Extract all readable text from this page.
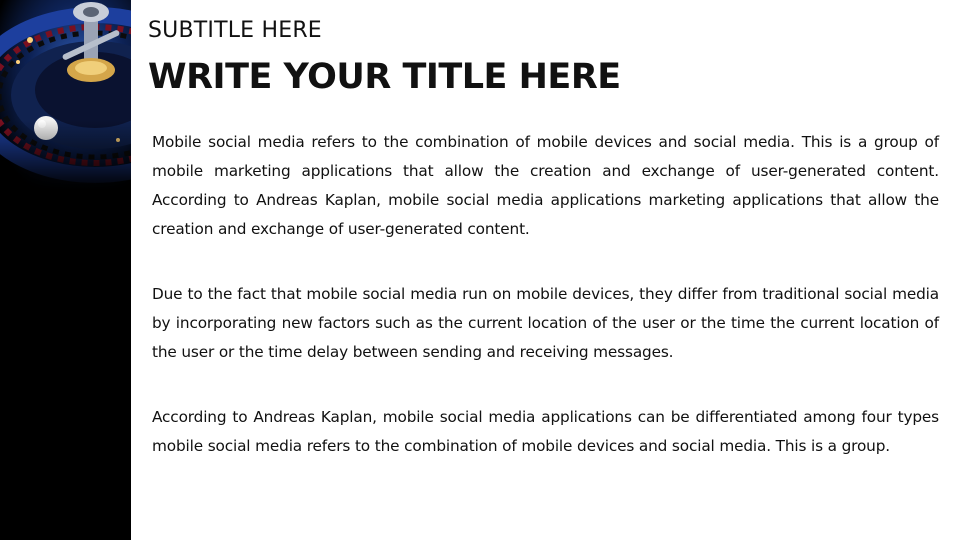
SUBTITLE HERE
WRITE YOUR TITLE HERE

Mobile social media refers to the combination of mobile devices and social media. This is a group of mobile marketing applications that allow the creation and exchange of user-generated content. According to Andreas Kaplan, mobile social media applications marketing applications that allow the creation and exchange of user-generated content.

Due to the fact that mobile social media run on mobile devices, they differ from traditional social media by incorporating new factors such as the current location of the user or the time the current location of the user or the time delay between sending and receiving messages.

According to Andreas Kaplan, mobile social media applications can be differentiated among four types mobile social media refers to the combination of mobile devices and social media. This is a group.
